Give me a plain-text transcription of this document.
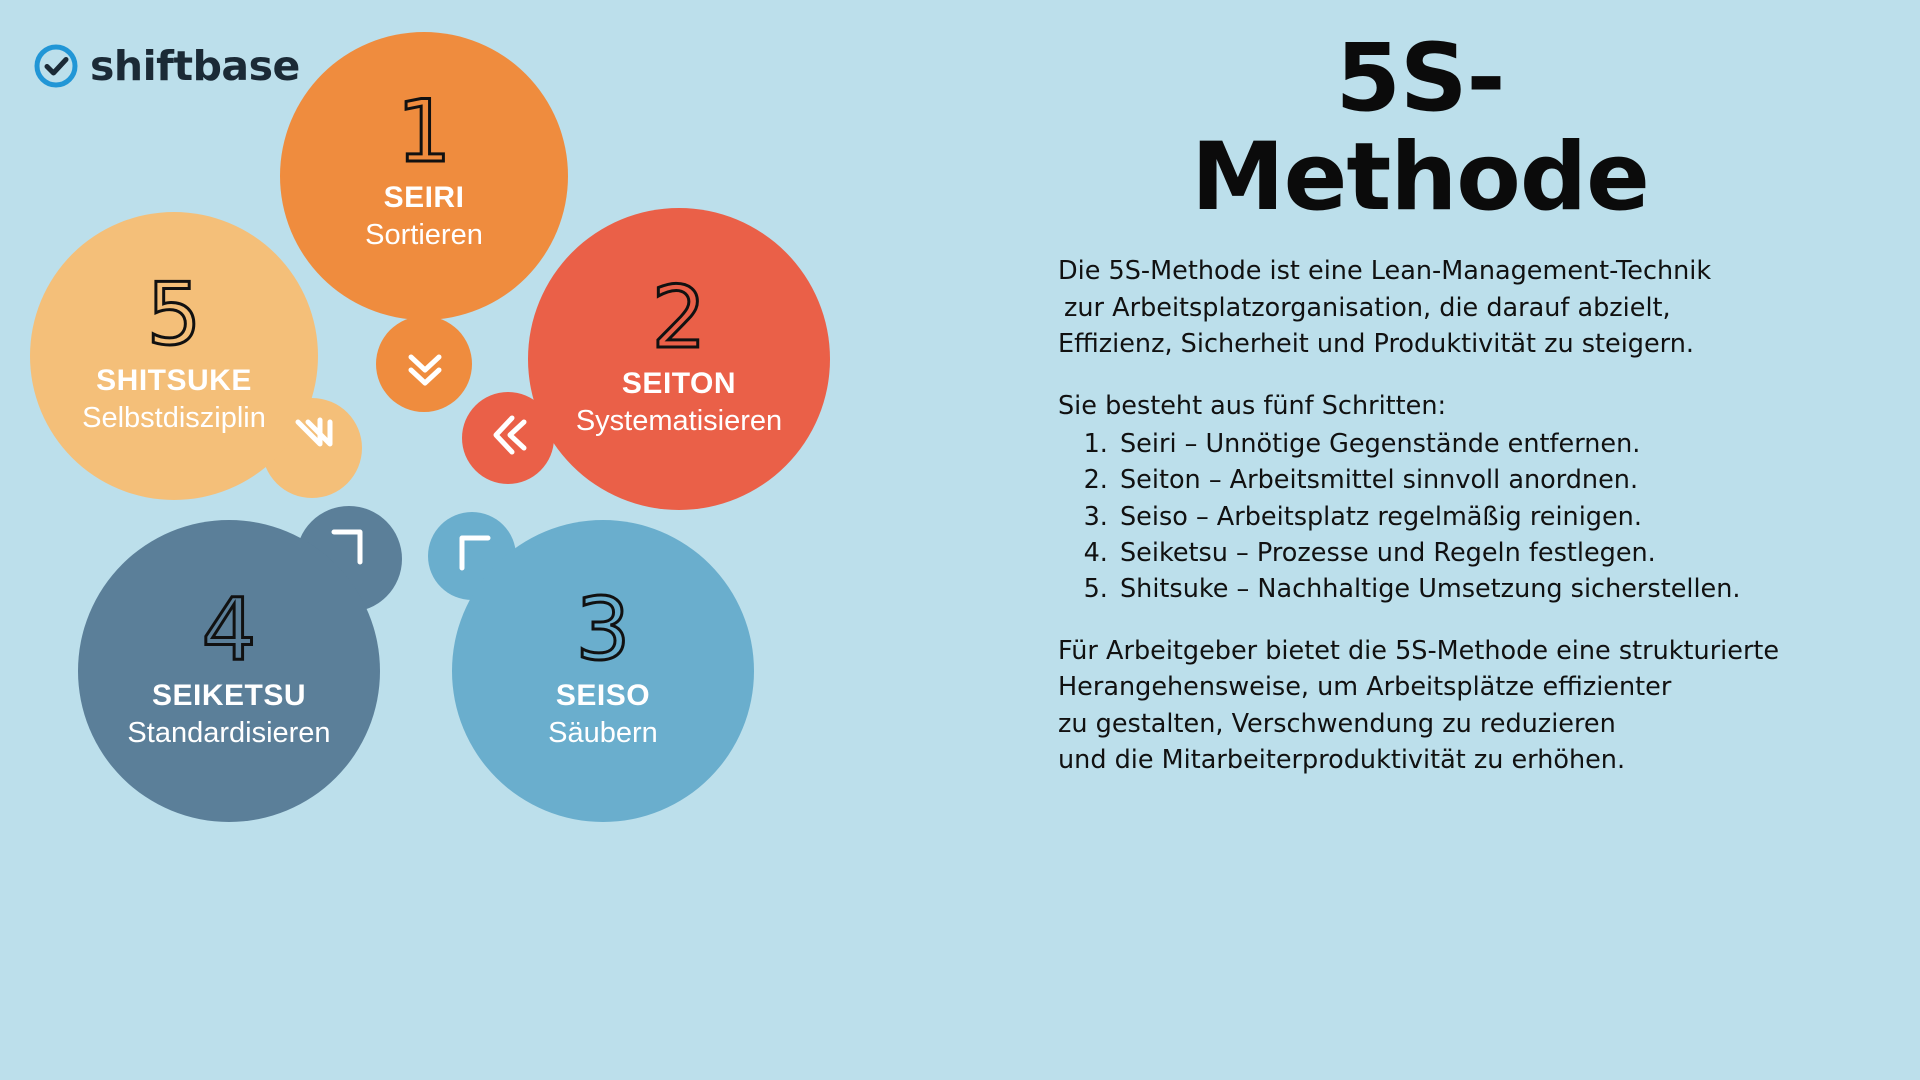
shiftbase
5
SHITSUKE
Selbstdisziplin
1
SEIRI
Sortieren
2
SEITON
Systematisieren
3
SEISO
Säubern
4
SEIKETSU
Standardisieren
5S-
Methode

Die 5S-Methode ist eine Lean-Management-Technik

zur Arbeitsplatzorganisation, die darauf abzielt,

Effizienz, Sicherheit und Produktivität zu steigern.

Sie besteht aus fünf Schritten:

1. Seiri – Unnötige Gegenstände entfernen.
2. Seiton – Arbeitsmittel sinnvoll anordnen.
3. Seiso – Arbeitsplatz regelmäßig reinigen.
4. Seiketsu – Prozesse und Regeln festlegen.
5. Shitsuke – Nachhaltige Umsetzung sicherstellen.

Für Arbeitgeber bietet die 5S-Methode eine strukturierte

Herangehensweise, um Arbeitsplätze effizienter

zu gestalten, Verschwendung zu reduzieren

und die Mitarbeiterproduktivität zu erhöhen.
